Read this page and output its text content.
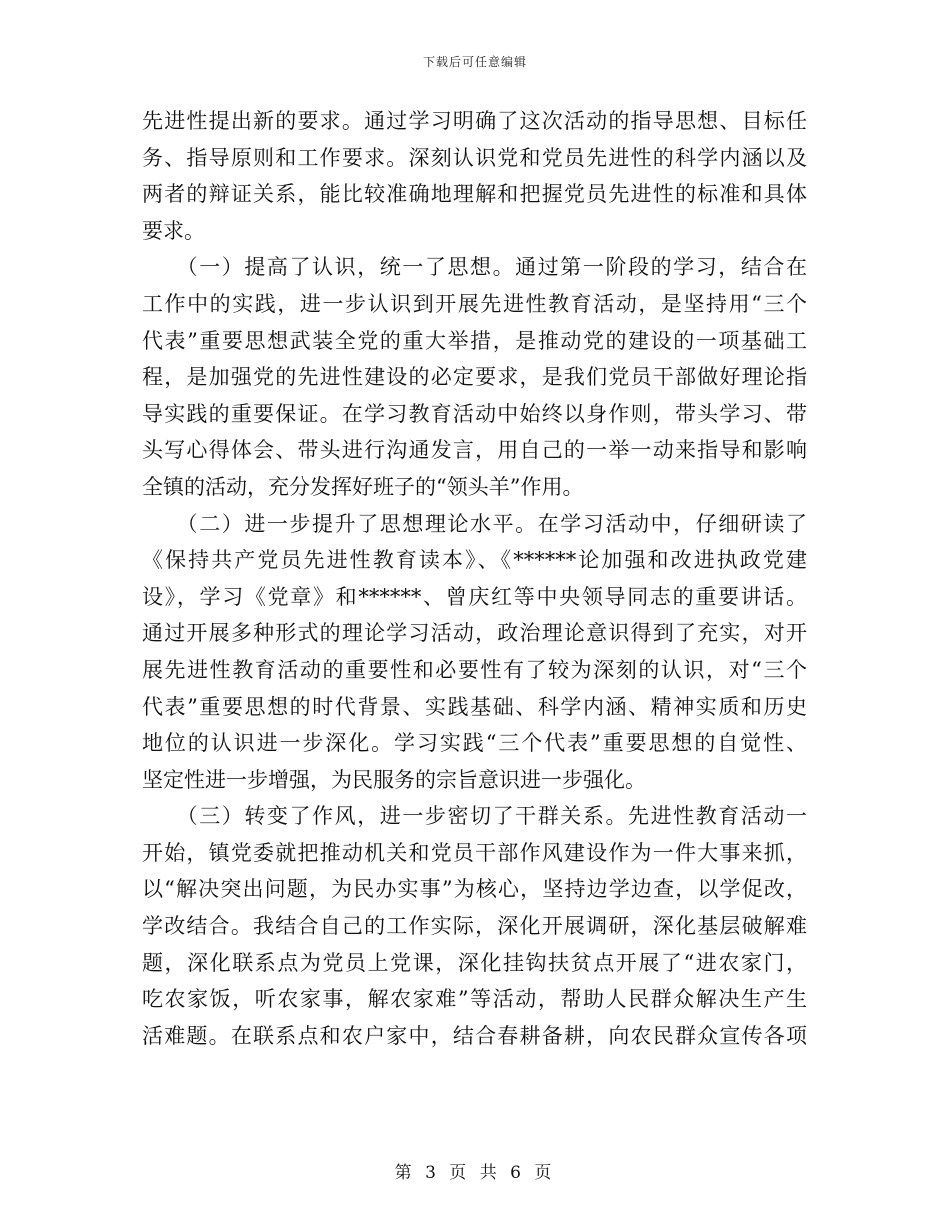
下载后可任意编辑
先进性提出新的要求。通过学习明确了这次活动的指导思想、目标任
务、指导原则和工作要求。深刻认识党和党员先进性的科学内涵以及
两者的辩证关系，能比较准确地理解和把握党员先进性的标准和具体
要求。
　　（一）提高了认识，统一了思想。通过第一阶段的学习，结合在
工作中的实践，进一步认识到开展先进性教育活动，是坚持用“三个
代表”重要思想武装全党的重大举措，是推动党的建设的一项基础工
程，是加强党的先进性建设的必定要求，是我们党员干部做好理论指
导实践的重要保证。在学习教育活动中始终以身作则，带头学习、带
头写心得体会、带头进行沟通发言，用自己的一举一动来指导和影响
全镇的活动，充分发挥好班子的“领头羊”作用。
　　（二）进一步提升了思想理论水平。在学习活动中，仔细研读了
《保持共产党员先进性教育读本》、《******论加强和改进执政党建
设》，学习《党章》和******、曾庆红等中央领导同志的重要讲话。
通过开展多种形式的理论学习活动，政治理论意识得到了充实，对开
展先进性教育活动的重要性和必要性有了较为深刻的认识，对“三个
代表”重要思想的时代背景、实践基础、科学内涵、精神实质和历史
地位的认识进一步深化。学习实践“三个代表”重要思想的自觉性、
坚定性进一步增强，为民服务的宗旨意识进一步强化。
　　（三）转变了作风，进一步密切了干群关系。先进性教育活动一
开始，镇党委就把推动机关和党员干部作风建设作为一件大事来抓，
以“解决突出问题，为民办实事”为核心，坚持边学边查，以学促改，
学改结合。我结合自己的工作实际，深化开展调研，深化基层破解难
题，深化联系点为党员上党课，深化挂钩扶贫点开展了“进农家门，
吃农家饭，听农家事，解农家难”等活动，帮助人民群众解决生产生
活难题。在联系点和农户家中，结合春耕备耕，向农民群众宣传各项
第 3 页 共 6 页
